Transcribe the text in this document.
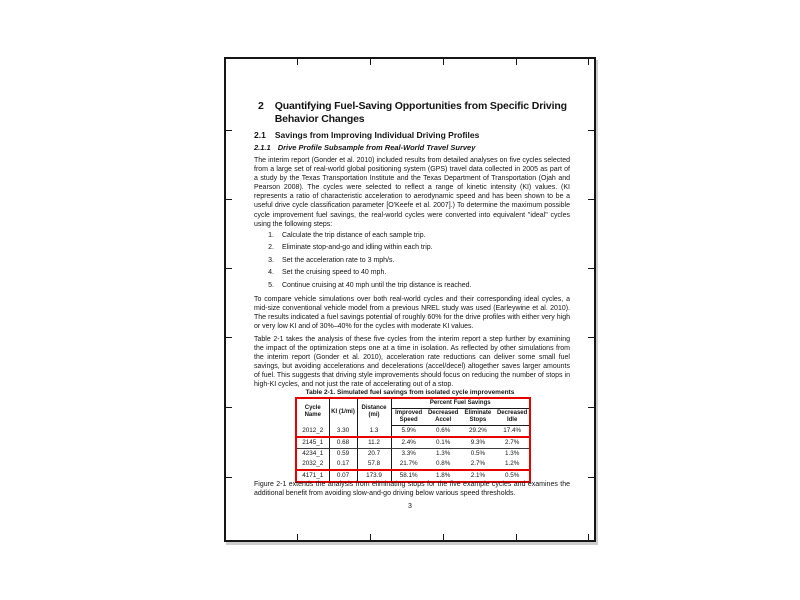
2 Quantifying Fuel-Saving Opportunities from Specific Driving Behavior Changes
2.1 Savings from Improving Individual Driving Profiles
2.1.1 Drive Profile Subsample from Real-World Travel Survey
The interim report (Gonder et al. 2010) included results from detailed analyses on five cycles selected from a large set of real-world global positioning system (GPS) travel data collected in 2005 as part of a study by the Texas Transportation Institute and the Texas Department of Transportation (Ojah and Pearson 2008). The cycles were selected to reflect a range of kinetic intensity (KI) values. (KI represents a ratio of characteristic acceleration to aerodynamic speed and has been shown to be a useful drive cycle classification parameter [O'Keefe et al. 2007].) To determine the maximum possible cycle improvement fuel savings, the real-world cycles were converted into equivalent "ideal" cycles using the following steps:
1. Calculate the trip distance of each sample trip.
2. Eliminate stop-and-go and idling within each trip.
3. Set the acceleration rate to 3 mph/s.
4. Set the cruising speed to 40 mph.
5. Continue cruising at 40 mph until the trip distance is reached.
To compare vehicle simulations over both real-world cycles and their corresponding ideal cycles, a mid-size conventional vehicle model from a previous NREL study was used (Earleywine et al. 2010). The results indicated a fuel savings potential of roughly 60% for the drive profiles with either very high or very low KI and of 30%–40% for the cycles with moderate KI values.
Table 2-1 takes the analysis of these five cycles from the interim report a step further by examining the impact of the optimization steps one at a time in isolation. As reflected by other simulations from the interim report (Gonder et al. 2010), acceleration rate reductions can deliver some small fuel savings, but avoiding accelerations and decelerations (accel/decel) altogether saves larger amounts of fuel. This suggests that driving style improvements should focus on reducing the number of stops in high-KI cycles, and not just the rate of accelerating out of a stop.
Table 2-1. Simulated fuel savings from isolated cycle improvements
Cycle Name	KI (1/mi)	Distance (mi)	Percent Fuel Savings			
			Improved Speed	Decreased Accel	Eliminate Stops	Decreased Idle
2012_2	3.30	1.3	5.9%	0.6%	29.2%	17.4%
2145_1	0.68	11.2	2.4%	0.1%	9.3%	2.7%
4234_1	0.59	20.7	3.3%	1.3%	0.5%	1.3%
2032_2	0.17	57.8	21.7%	0.8%	2.7%	1.2%
4171_1	0.07	173.9	58.1%	1.8%	2.1%	0.5%
Figure 2-1 extends the analysis from eliminating stops for the five example cycles and examines the additional benefit from avoiding slow-and-go driving below various speed thresholds.
3
